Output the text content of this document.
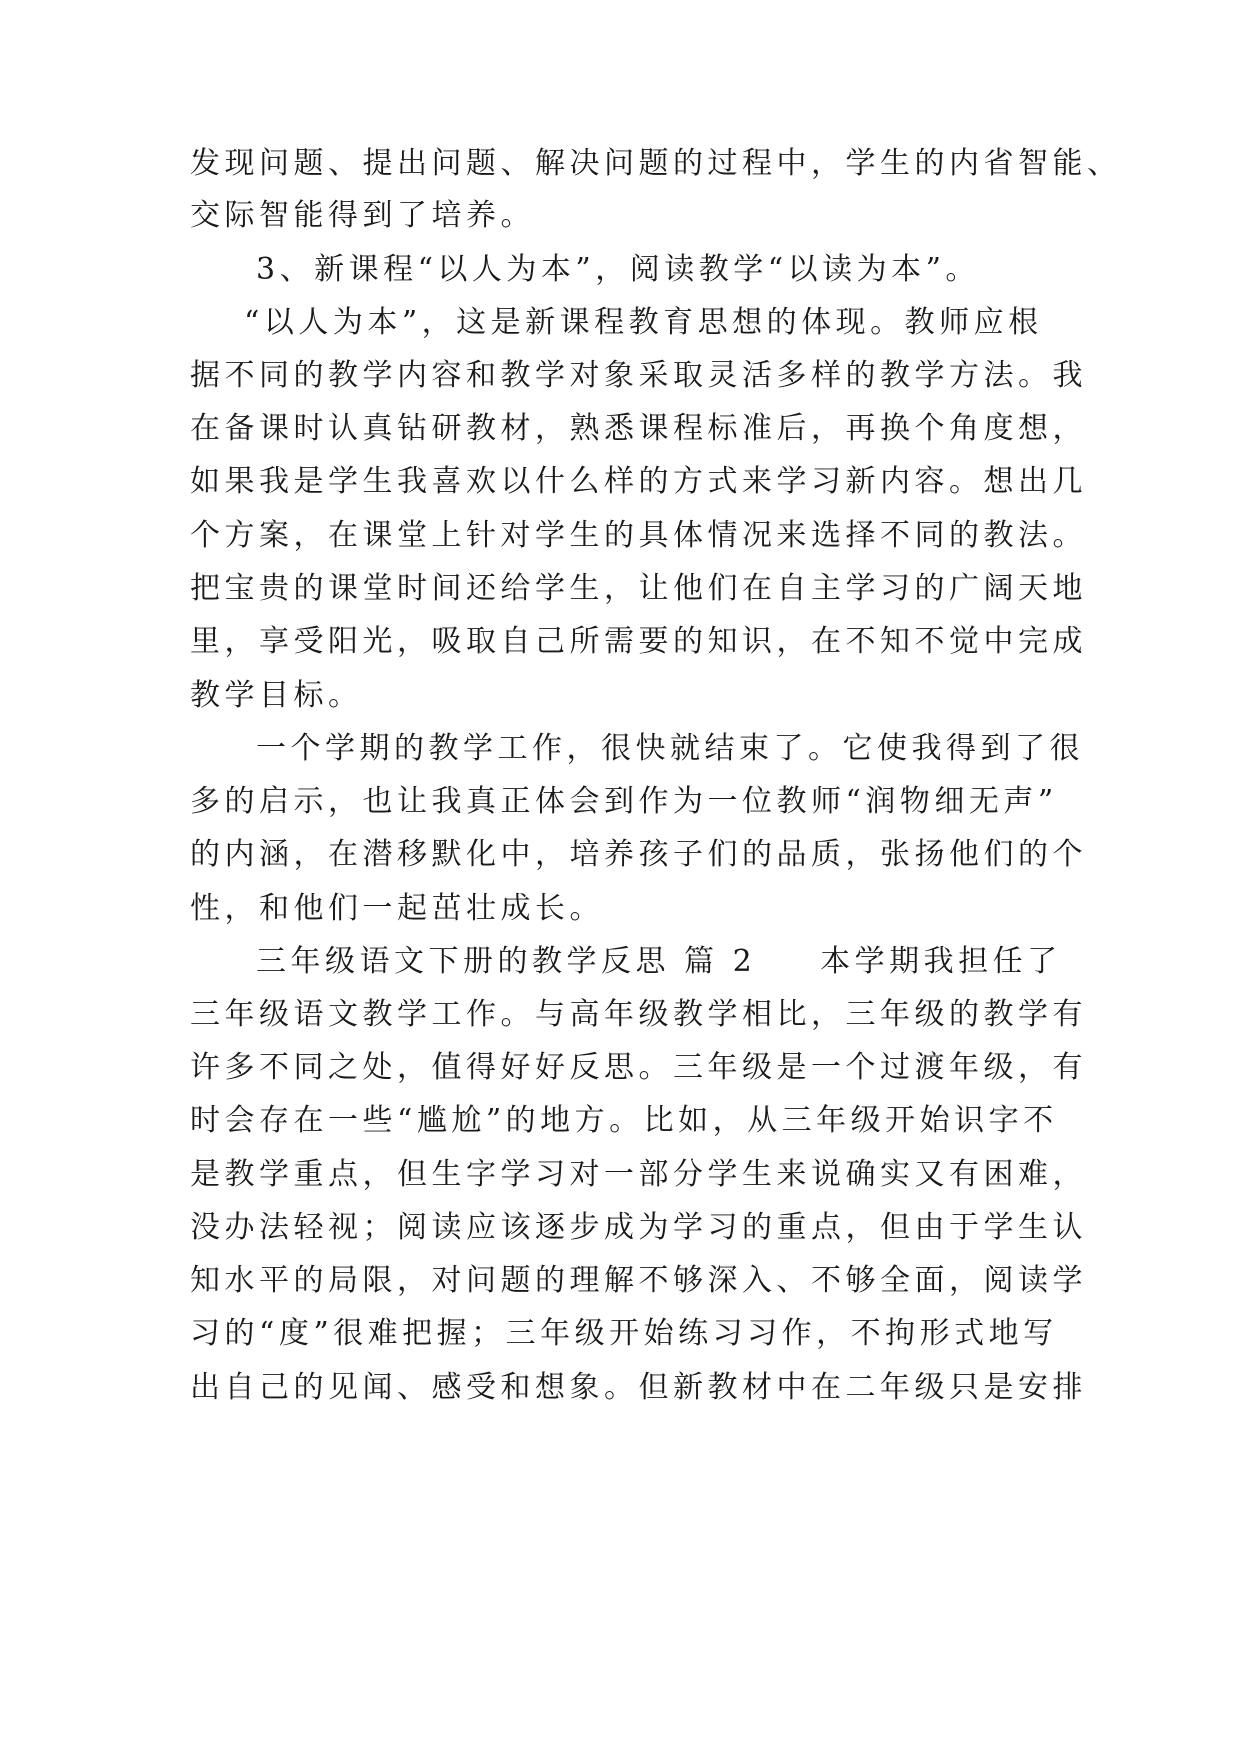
发现问题、提出问题、解决问题的过程中，学生的内省智能、
交际智能得到了培养。
3、新课程“以人为本”，阅读教学“以读为本”。
“以人为本”，这是新课程教育思想的体现。教师应根
据不同的教学内容和教学对象采取灵活多样的教学方法。我
在备课时认真钻研教材，熟悉课程标准后，再换个角度想，
如果我是学生我喜欢以什么样的方式来学习新内容。想出几
个方案，在课堂上针对学生的具体情况来选择不同的教法。
把宝贵的课堂时间还给学生，让他们在自主学习的广阔天地
里，享受阳光，吸取自己所需要的知识，在不知不觉中完成
教学目标。
一个学期的教学工作，很快就结束了。它使我得到了很
多的启示，也让我真正体会到作为一位教师“润物细无声”
的内涵，在潜移默化中，培养孩子们的品质，张扬他们的个
性，和他们一起茁壮成长。
三年级语文下册的教学反思 篇 2 本学期我担任了
三年级语文教学工作。与高年级教学相比，三年级的教学有
许多不同之处，值得好好反思。三年级是一个过渡年级，有
时会存在一些“尴尬”的地方。比如，从三年级开始识字不
是教学重点，但生字学习对一部分学生来说确实又有困难，
没办法轻视；阅读应该逐步成为学习的重点，但由于学生认
知水平的局限，对问题的理解不够深入、不够全面，阅读学
习的“度”很难把握；三年级开始练习习作，不拘形式地写
出自己的见闻、感受和想象。但新教材中在二年级只是安排
